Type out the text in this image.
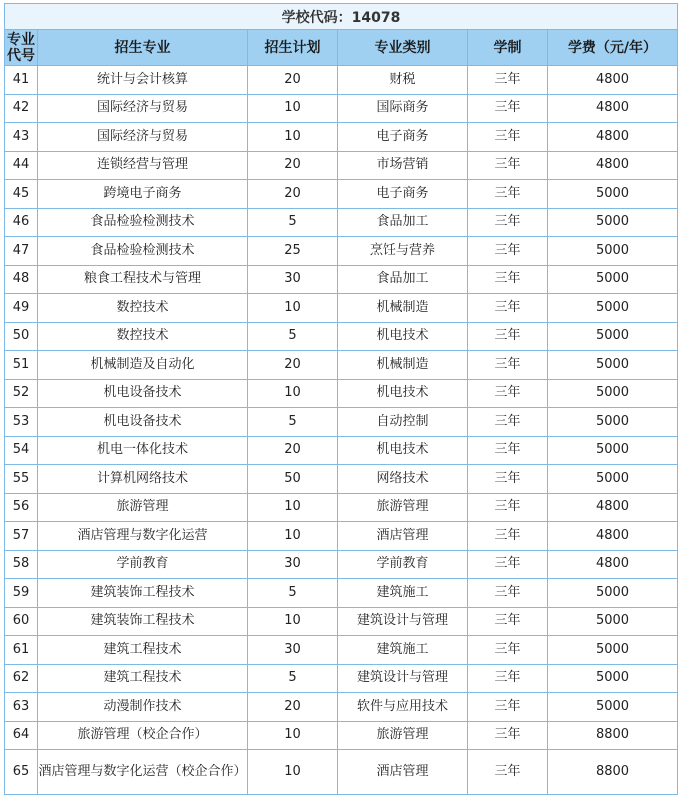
学校代码：14078					
专业代号	招生专业	招生计划	专业类别	学制	学费（元/年）
41	统计与会计核算	20	财税	三年	4800
42	国际经济与贸易	10	国际商务	三年	4800
43	国际经济与贸易	10	电子商务	三年	4800
44	连锁经营与管理	20	市场营销	三年	4800
45	跨境电子商务	20	电子商务	三年	5000
46	食品检验检测技术	5	食品加工	三年	5000
47	食品检验检测技术	25	烹饪与营养	三年	5000
48	粮食工程技术与管理	30	食品加工	三年	5000
49	数控技术	10	机械制造	三年	5000
50	数控技术	5	机电技术	三年	5000
51	机械制造及自动化	20	机械制造	三年	5000
52	机电设备技术	10	机电技术	三年	5000
53	机电设备技术	5	自动控制	三年	5000
54	机电一体化技术	20	机电技术	三年	5000
55	计算机网络技术	50	网络技术	三年	5000
56	旅游管理	10	旅游管理	三年	4800
57	酒店管理与数字化运营	10	酒店管理	三年	4800
58	学前教育	30	学前教育	三年	4800
59	建筑装饰工程技术	5	建筑施工	三年	5000
60	建筑装饰工程技术	10	建筑设计与管理	三年	5000
61	建筑工程技术	30	建筑施工	三年	5000
62	建筑工程技术	5	建筑设计与管理	三年	5000
63	动漫制作技术	20	软件与应用技术	三年	5000
64	旅游管理（校企合作）	10	旅游管理	三年	8800
65	酒店管理与数字化运营（校企合作）	10	酒店管理	三年	8800
